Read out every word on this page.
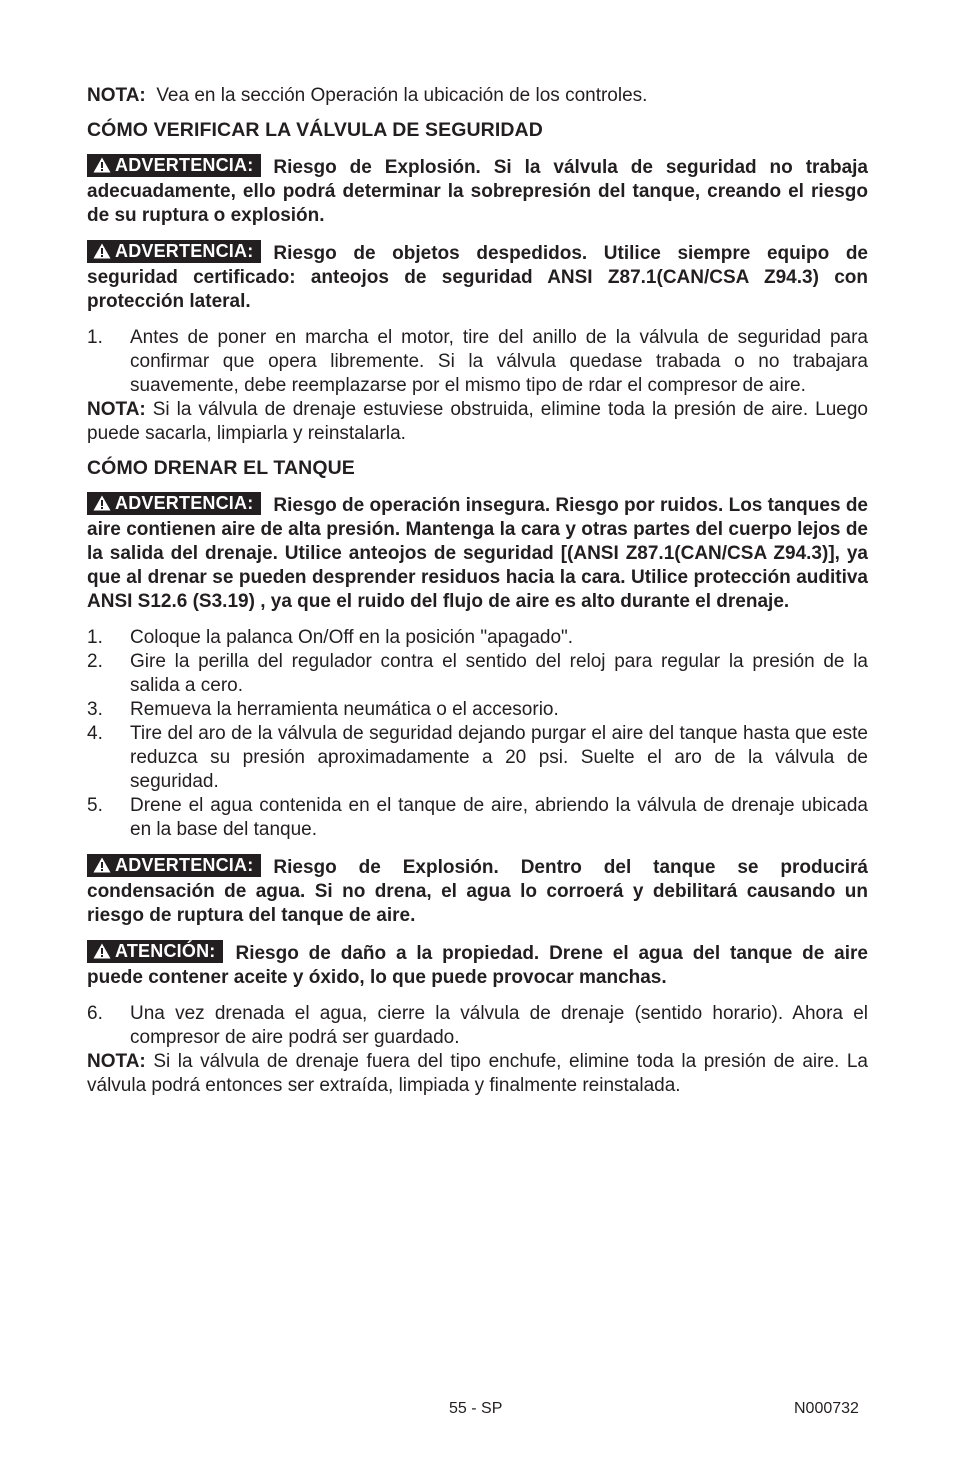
NOTA: Vea en la sección Operación la ubicación de los controles.

CÓMO VERIFICAR LA VÁLVULA DE SEGURIDAD

ADVERTENCIA: Riesgo de Explosión. Si la válvula de seguridad no trabaja adecuadamente, ello podrá determinar la sobrepresión del tanque, creando el riesgo de su ruptura o explosión.

ADVERTENCIA: Riesgo de objetos despedidos. Utilice siempre equipo de seguridad certificado: anteojos de seguridad ANSI Z87.1(CAN/CSA Z94.3) con protección lateral.

1. Antes de poner en marcha el motor, tire del anillo de la válvula de seguridad para confirmar que opera libremente. Si la válvula quedase trabada o no trabajara suavemente, debe reemplazarse por el mismo tipo de rdar el compresor de aire.

NOTA: Si la válvula de drenaje estuviese obstruida, elimine toda la presión de aire. Luego puede sacarla, limpiarla y reinstalarla.

CÓMO DRENAR EL TANQUE

ADVERTENCIA: Riesgo de operación insegura. Riesgo por ruidos. Los tanques de aire contienen aire de alta presión. Mantenga la cara y otras partes del cuerpo lejos de la salida del drenaje. Utilice anteojos de seguridad [(ANSI Z87.1(CAN/CSA Z94.3)], ya que al drenar se pueden desprender residuos hacia la cara. Utilice protección auditiva ANSI S12.6 (S3.19) , ya que el ruido del flujo de aire es alto durante el drenaje.

1. Coloque la palanca On/Off en la posición "apagado".
2. Gire la perilla del regulador contra el sentido del reloj para regular la presión de la salida a cero.
3. Remueva la herramienta neumática o el accesorio.
4. Tire del aro de la válvula de seguridad dejando purgar el aire del tanque hasta que este reduzca su presión aproximadamente a 20 psi. Suelte el aro de la válvula de seguridad.
5. Drene el agua contenida en el tanque de aire, abriendo la válvula de drenaje ubicada en la base del tanque.

ADVERTENCIA: Riesgo de Explosión. Dentro del tanque se producirá condensación de agua. Si no drena, el agua lo corroerá y debilitará causando un riesgo de ruptura del tanque de aire.

ATENCIÓN: Riesgo de daño a la propiedad. Drene el agua del tanque de aire puede contener aceite y óxido, lo que puede provocar manchas.

6. Una vez drenada el agua, cierre la válvula de drenaje (sentido horario). Ahora el compresor de aire podrá ser guardado.

NOTA: Si la válvula de drenaje fuera del tipo enchufe, elimine toda la presión de aire. La válvula podrá entonces ser extraída, limpiada y finalmente reinstalada.

55 - SP	N000732
